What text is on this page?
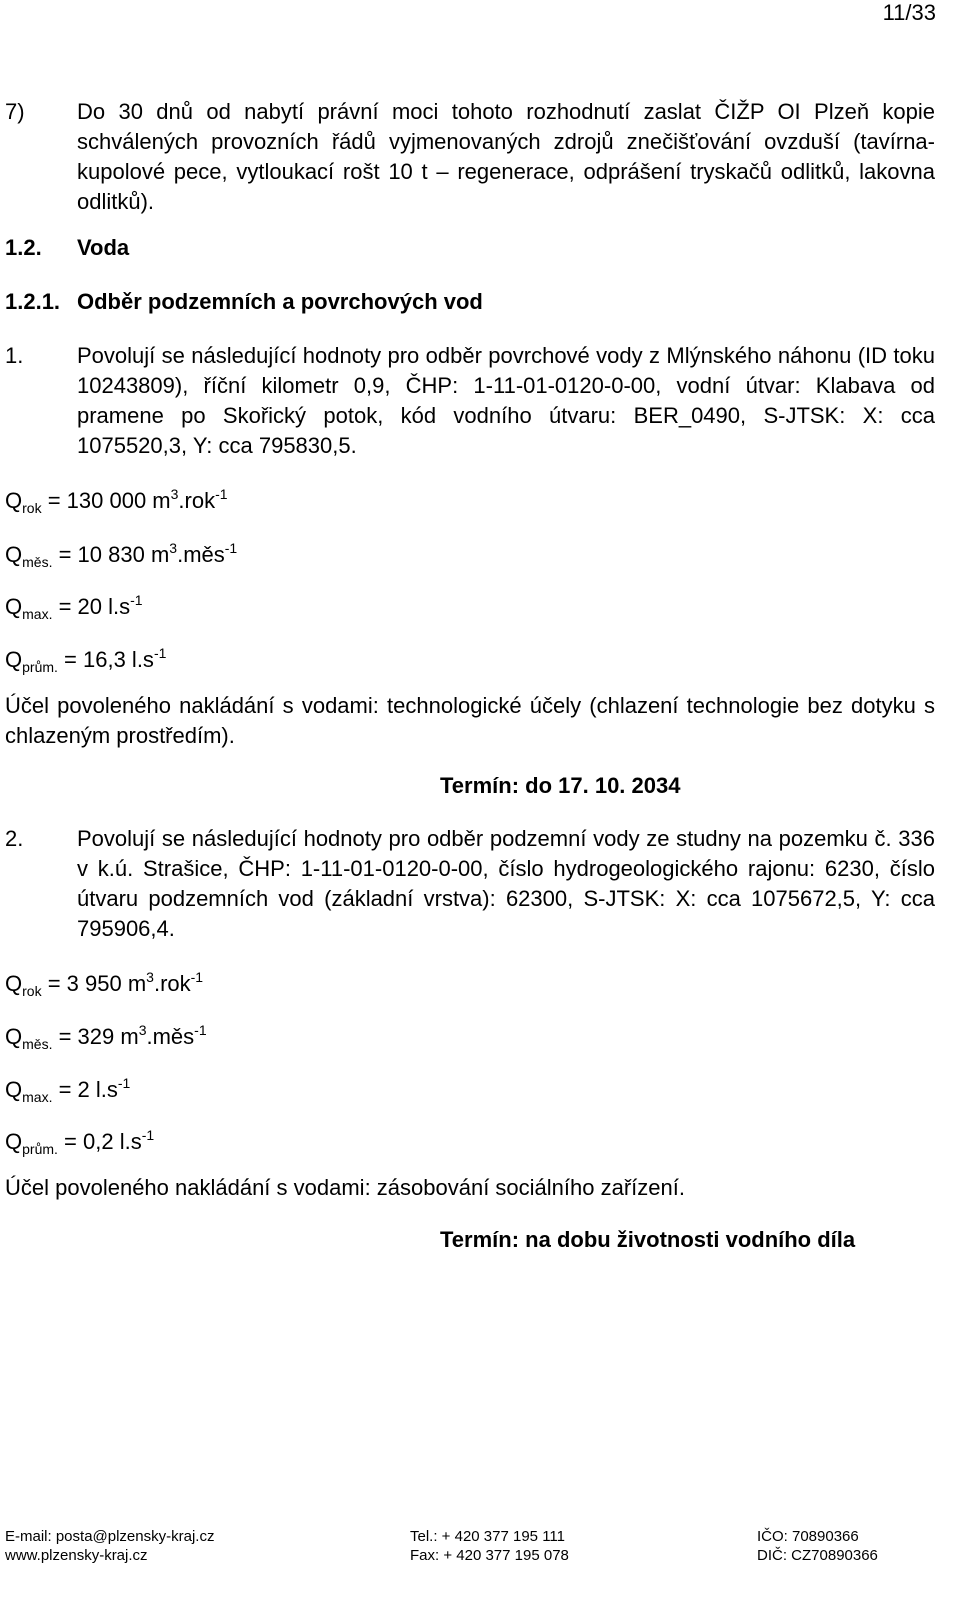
11/33
7) Do 30 dnů od nabytí právní moci tohoto rozhodnutí zaslat ČIŽP OI Plzeň kopie schválených provozních řádů vyjmenovaných zdrojů znečišťování ovzduší (tavírna-kupolové pece, vytloukací rošt 10 t – regenerace, odprášení tryskačů odlitků, lakovna odlitků).
1.2. Voda
1.2.1. Odběr podzemních a povrchových vod
1. Povolují se následující hodnoty pro odběr povrchové vody z Mlýnského náhonu (ID toku 10243809), říční kilometr 0,9, ČHP: 1-11-01-0120-0-00, vodní útvar: Klabava od pramene po Skořický potok, kód vodního útvaru: BER_0490, S-JTSK: X: cca 1075520,3, Y: cca 795830,5.
$Q_{rok} = 130$ 000 $m^3.rok^{-1}$
$Q_{měs.} = 10$ 830 $m^3.měs^{-1}$
$Q_{max.} = 20$ $l.s^{-1}$
$Q_{prům.} = 16,3$ $l.s^{-1}$
Účel povoleného nakládání s vodami: technologické účely (chlazení technologie bez dotyku s chlazeným prostředím).
Termín: do 17. 10. 2034
2. Povolují se následující hodnoty pro odběr podzemní vody ze studny na pozemku č. 336 v k.ú. Strašice, ČHP: 1-11-01-0120-0-00, číslo hydrogeologického rajonu: 6230, číslo útvaru podzemních vod (základní vrstva): 62300, S-JTSK: X: cca 1075672,5, Y: cca 795906,4.
$Q_{rok} = 3$ 950 $m^3.rok^{-1}$
$Q_{měs.} = 329$ $m^3.měs^{-1}$
$Q_{max.} = 2$ $l.s^{-1}$
$Q_{prům.} = 0,2$ $l.s^{-1}$
Účel povoleného nakládání s vodami: zásobování sociálního zařízení.
Termín: na dobu životnosti vodního díla
E-mail: posta@plzensky-kraj.cz
www.plzensky-kraj.cz
Tel.: + 420 377 195 111
Fax: + 420 377 195 078
IČO: 70890366
DIČ: CZ70890366
